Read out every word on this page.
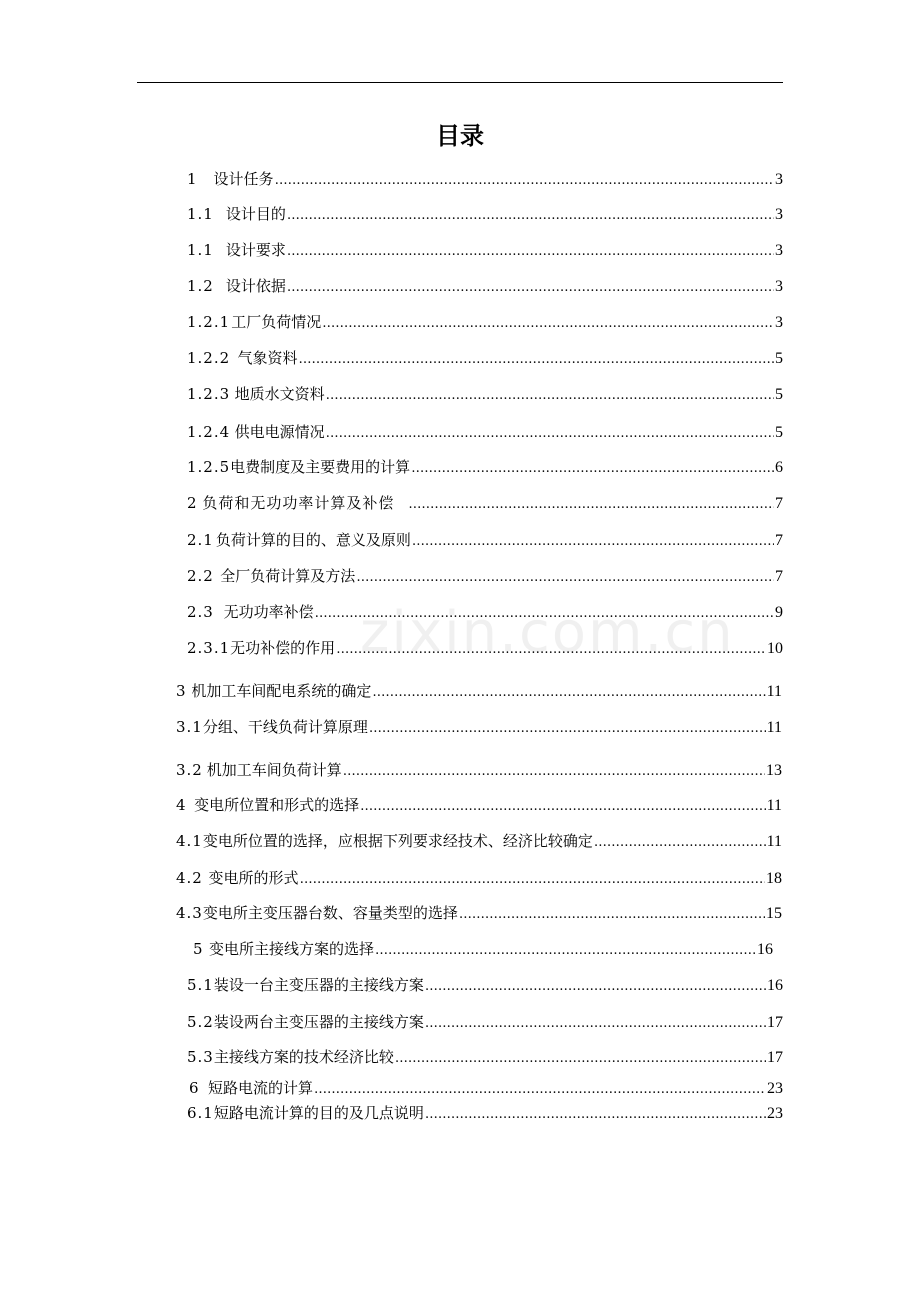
目录
zixin.com.cn
1	设计任务 …………………………………………………………………………………………………………………………………………………	3
1.1 设计目的 …………………………………………………………………………………………………………………………………………………	3
1.1 设计要求 …………………………………………………………………………………………………………………………………………………	3
1.2 设计依据 …………………………………………………………………………………………………………………………………………………	3
1.2.1 工厂负荷情况 …………………………………………………………………………………………………………………………………………………	3
1.2.2 气象资料 …………………………………………………………………………………………………………………………………………………	5
1.2.3 地质水文资料 …………………………………………………………………………………………………………………………………………………	5
1.2.4 供电电源情况 …………………………………………………………………………………………………………………………………………………	5
1.2.5 电费制度及主要费用的计算 …………………………………………………………………………………………………………………………………………………	6
2 负荷和无功功率计算及补偿 …………………………………………………………………………………………………………………………………………………	7
2.1 负荷计算的目的、意义及原则 …………………………………………………………………………………………………………………………………………………	7
2.2 全厂负荷计算及方法 …………………………………………………………………………………………………………………………………………………	7
2.3 无功功率补偿 …………………………………………………………………………………………………………………………………………………	9
2.3.1 无功补偿的作用 …………………………………………………………………………………………………………………………………………………	10
3 机加工车间配电系统的确定 …………………………………………………………………………………………………………………………………………………	11
3.1 分组、干线负荷计算原理 …………………………………………………………………………………………………………………………………………………	11
3.2 机加工车间负荷计算 …………………………………………………………………………………………………………………………………………………	13
4 变电所位置和形式的选择 …………………………………………………………………………………………………………………………………………………	11
4.1 变电所位置的选择，应根据下列要求经技术、经济比较确定 …………………………………………………………………………………………………………………………………………………	11
4.2 变电所的形式 …………………………………………………………………………………………………………………………………………………	18
4.3 变电所主变压器台数、容量类型的选择 …………………………………………………………………………………………………………………………………………………	15
5 变电所主接线方案的选择 …………………………………………………………………………………………………………………………………………………	16
5.1 装设一台主变压器的主接线方案 …………………………………………………………………………………………………………………………………………………	16
5.2 装设两台主变压器的主接线方案 …………………………………………………………………………………………………………………………………………………	17
5.3 主接线方案的技术经济比较 …………………………………………………………………………………………………………………………………………………	17
6 短路电流的计算 …………………………………………………………………………………………………………………………………………………	23
6.1 短路电流计算的目的及几点说明 …………………………………………………………………………………………………………………………………………………	23
